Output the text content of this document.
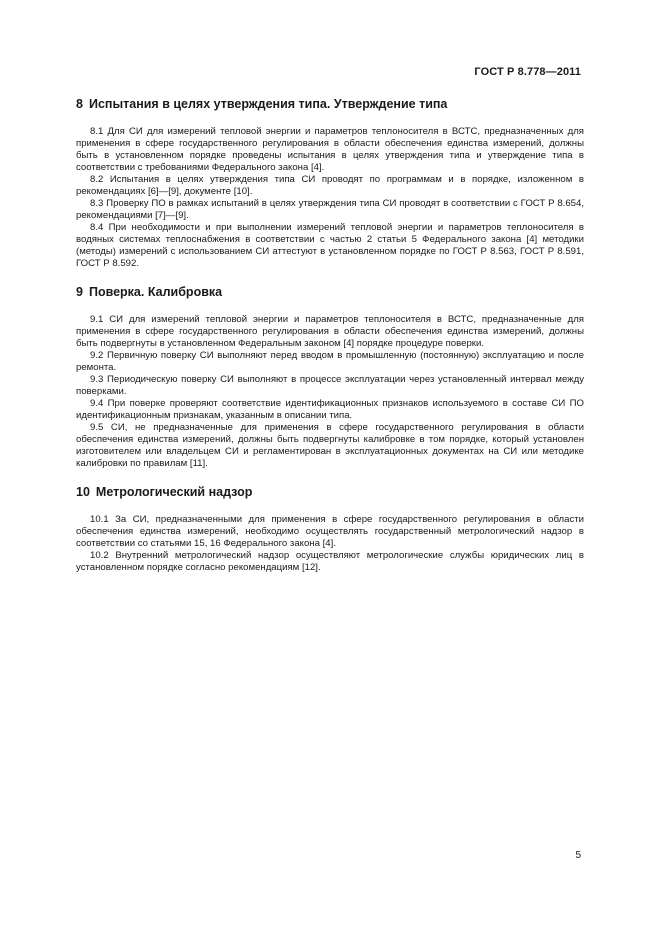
ГОСТ Р 8.778—2011
8 Испытания в целях утверждения типа. Утверждение типа

8.1 Для СИ для измерений тепловой энергии и параметров теплоносителя в ВСТС, предназначенных для применения в сфере государственного регулирования в области обеспечения единства измерений, должны быть в установленном порядке проведены испытания в целях утверждения типа и утверждение типа в соответствии с требованиями Федерального закона [4].

8.2 Испытания в целях утверждения типа СИ проводят по программам и в порядке, изложенном в рекомендациях [6]—[9], документе [10].

8.3 Проверку ПО в рамках испытаний в целях утверждения типа СИ проводят в соответствии с ГОСТ Р 8.654, рекомендациями [7]—[9].

8.4 При необходимости и при выполнении измерений тепловой энергии и параметров теплоносителя в водяных системах теплоснабжения в соответствии с частью 2 статьи 5 Федерального закона [4] методики (методы) измерений с использованием СИ аттестуют в установленном порядке по ГОСТ Р 8.563, ГОСТ Р 8.591, ГОСТ Р 8.592.

9 Поверка. Калибровка

9.1 СИ для измерений тепловой энергии и параметров теплоносителя в ВСТС, предназначенные для применения в сфере государственного регулирования в области обеспечения единства измерений, должны быть подвергнуты в установленном Федеральным законом [4] порядке процедуре поверки.

9.2 Первичную поверку СИ выполняют перед вводом в промышленную (постоянную) эксплуатацию и после ремонта.

9.3 Периодическую поверку СИ выполняют в процессе эксплуатации через установленный интервал между поверками.

9.4 При поверке проверяют соответствие идентификационных признаков используемого в составе СИ ПО идентификационным признакам, указанным в описании типа.

9.5 СИ, не предназначенные для применения в сфере государственного регулирования в области обеспечения единства измерений, должны быть подвергнуты калибровке в том порядке, который установлен изготовителем или владельцем СИ и регламентирован в эксплуатационных документах на СИ или методике калибровки по правилам [11].

10 Метрологический надзор

10.1 За СИ, предназначенными для применения в сфере государственного регулирования в области обеспечения единства измерений, необходимо осуществлять государственный метрологический надзор в соответствии со статьями 15, 16 Федерального закона [4].

10.2 Внутренний метрологический надзор осуществляют метрологические службы юридических лиц в установленном порядке согласно рекомендациям [12].

5
